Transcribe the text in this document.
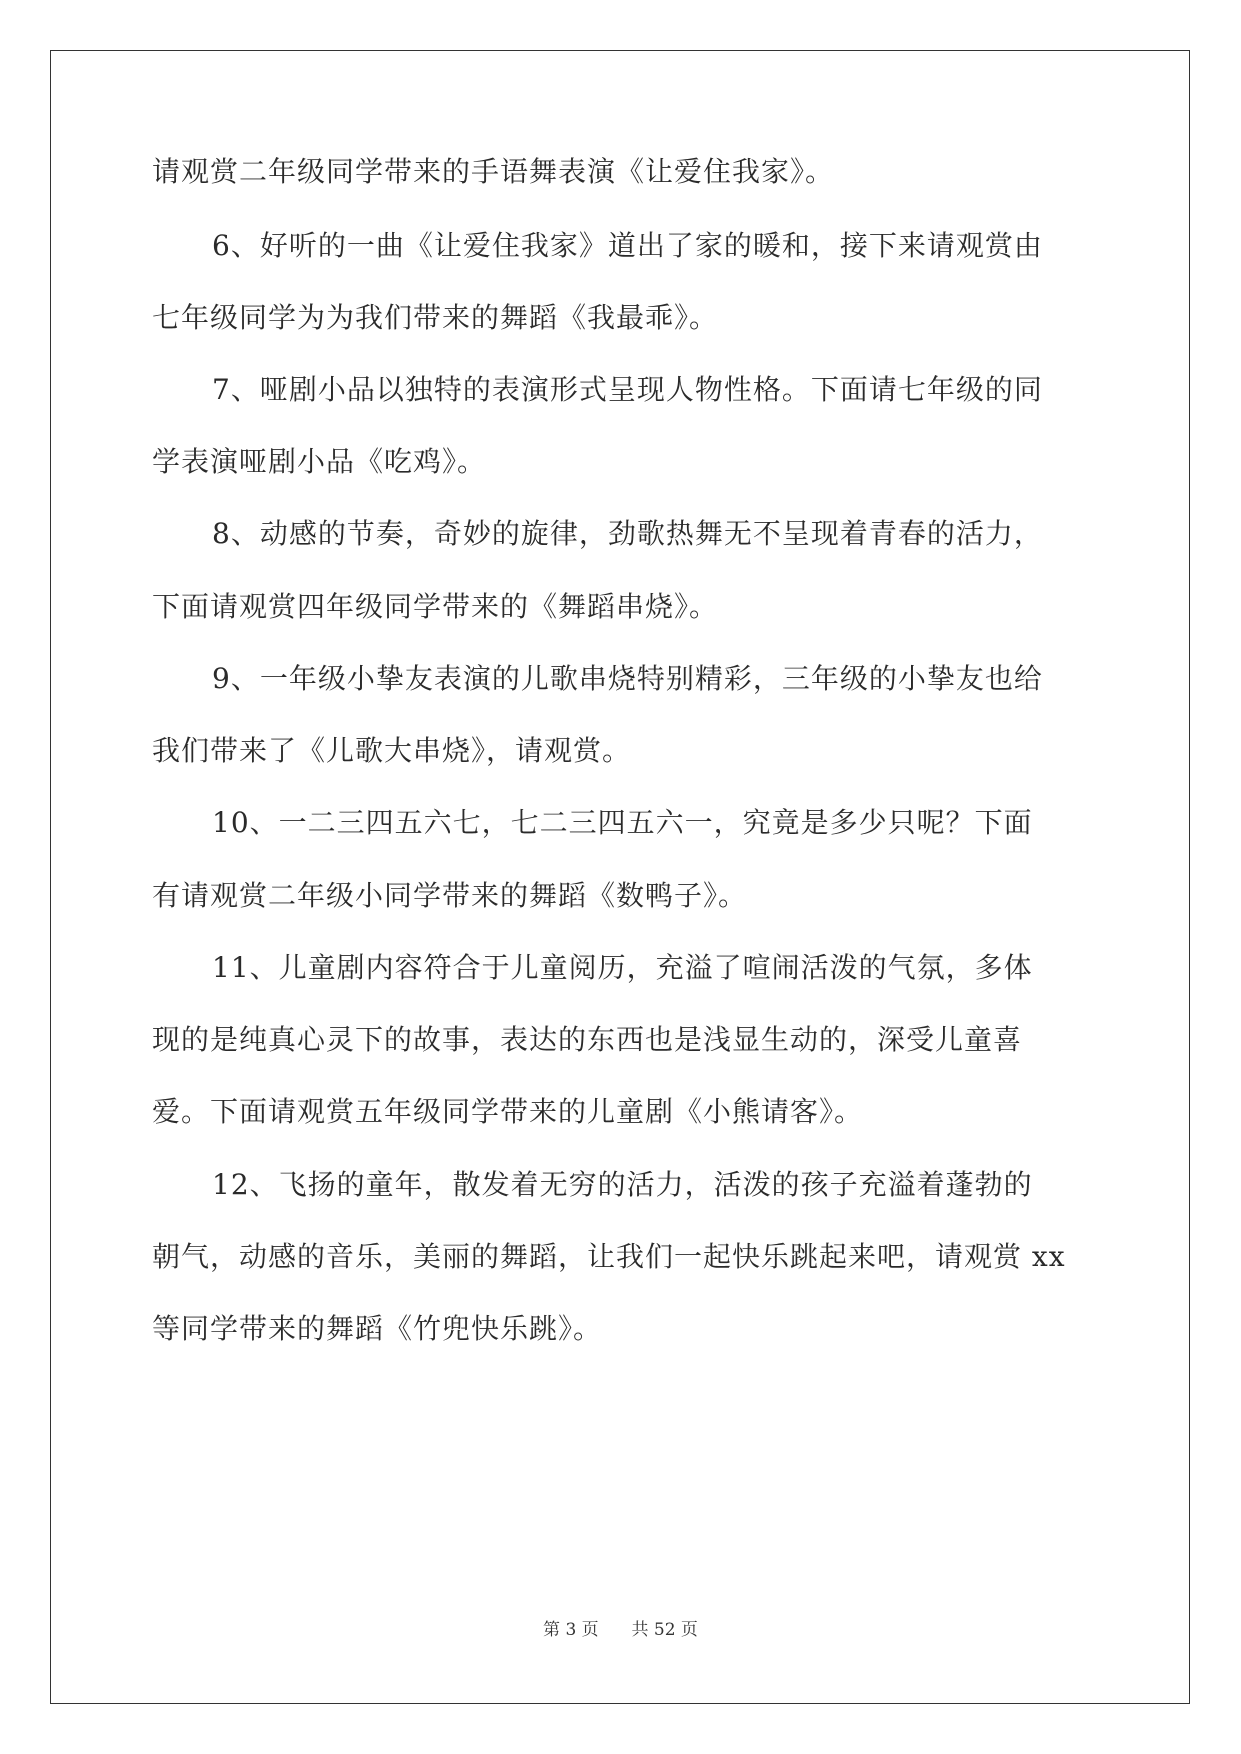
请观赏二年级同学带来的手语舞表演《让爱住我家》。
6、好听的一曲《让爱住我家》道出了家的暖和，接下来请观赏由
七年级同学为为我们带来的舞蹈《我最乖》。
7、哑剧小品以独特的表演形式呈现人物性格。下面请七年级的同
学表演哑剧小品《吃鸡》。
8、动感的节奏，奇妙的旋律，劲歌热舞无不呈现着青春的活力，
下面请观赏四年级同学带来的《舞蹈串烧》。
9、一年级小挚友表演的儿歌串烧特别精彩，三年级的小挚友也给
我们带来了《儿歌大串烧》，请观赏。
10、一二三四五六七，七二三四五六一，究竟是多少只呢？下面
有请观赏二年级小同学带来的舞蹈《数鸭子》。
11、儿童剧内容符合于儿童阅历，充溢了喧闹活泼的气氛，多体
现的是纯真心灵下的故事，表达的东西也是浅显生动的，深受儿童喜
爱。下面请观赏五年级同学带来的儿童剧《小熊请客》。
12、飞扬的童年，散发着无穷的活力，活泼的孩子充溢着蓬勃的
朝气，动感的音乐，美丽的舞蹈，让我们一起快乐跳起来吧，请观赏 xx
等同学带来的舞蹈《竹兜快乐跳》。
第 3 页 共 52 页
